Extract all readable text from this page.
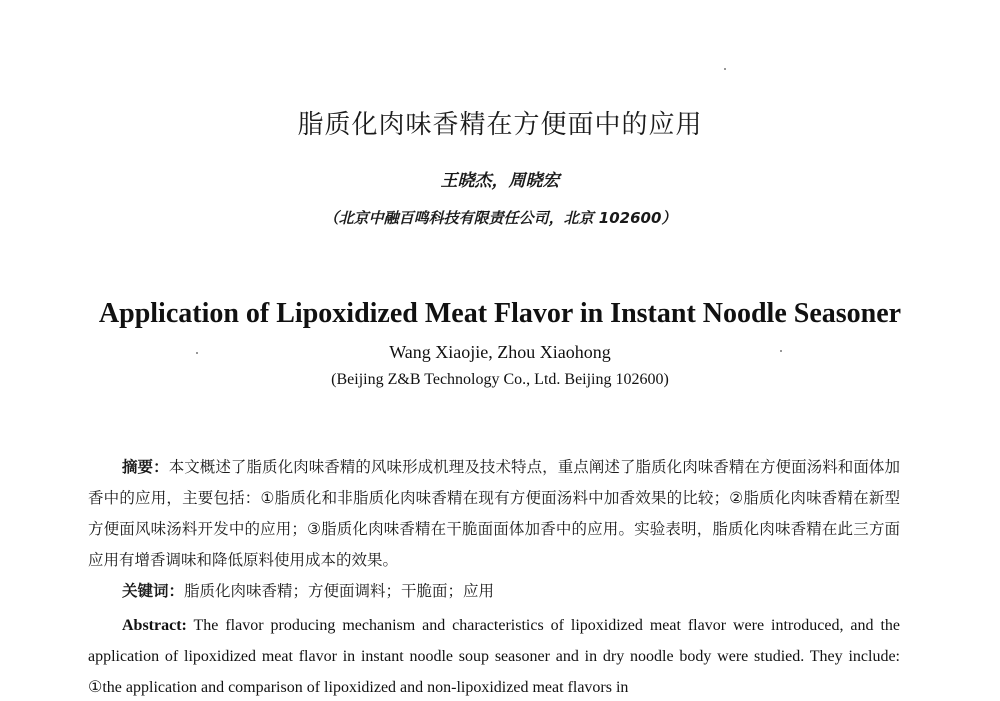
脂质化肉味香精在方便面中的应用
王晓杰，周晓宏
（北京中融百鸣科技有限责任公司，北京 102600）
Application of Lipoxidized Meat Flavor in Instant Noodle Seasoner
Wang Xiaojie, Zhou Xiaohong
(Beijing Z&B Technology Co., Ltd. Beijing 102600)

摘要：本文概述了脂质化肉味香精的风味形成机理及技术特点，重点阐述了脂质化肉味香精在方便面汤料和面体加香中的应用，主要包括：①脂质化和非脂质化肉味香精在现有方便面汤料中加香效果的比较；②脂质化肉味香精在新型方便面风味汤料开发中的应用；③脂质化肉味香精在干脆面面体加香中的应用。实验表明，脂质化肉味香精在此三方面应用有增香调味和降低原料使用成本的效果。

关键词：脂质化肉味香精；方便面调料；干脆面；应用

Abstract: The flavor producing mechanism and characteristics of lipoxidized meat flavor were introduced, and the application of lipoxidized meat flavor in instant noodle soup seasoner and in dry noodle body were studied. They include: ①the application and comparison of lipoxidized and non-lipoxidized meat flavors in
